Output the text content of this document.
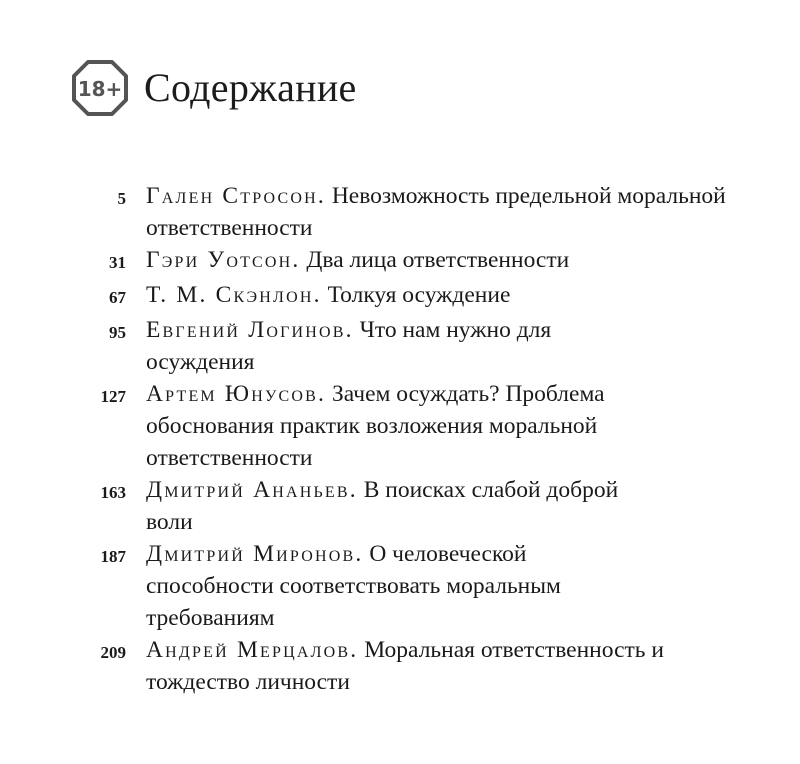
18+ Содержание
5 Гален Стросон. Невозможность предельной моральной ответственности
31 Гэри Уотсон. Два лица ответственности
67 Т. М. Скэнлон. Толкуя осуждение
95 Евгений Логинов. Что нам нужно для осуждения
127 Артем Юнусов. Зачем осуждать? Проблема обоснования практик возложения моральной ответственности
163 Дмитрий Ананьев. В поисках слабой доброй воли
187 Дмитрий Миронов. О человеческой способности соответствовать моральным требованиям
209 Андрей Мерцалов. Моральная ответственность и тождество личности
